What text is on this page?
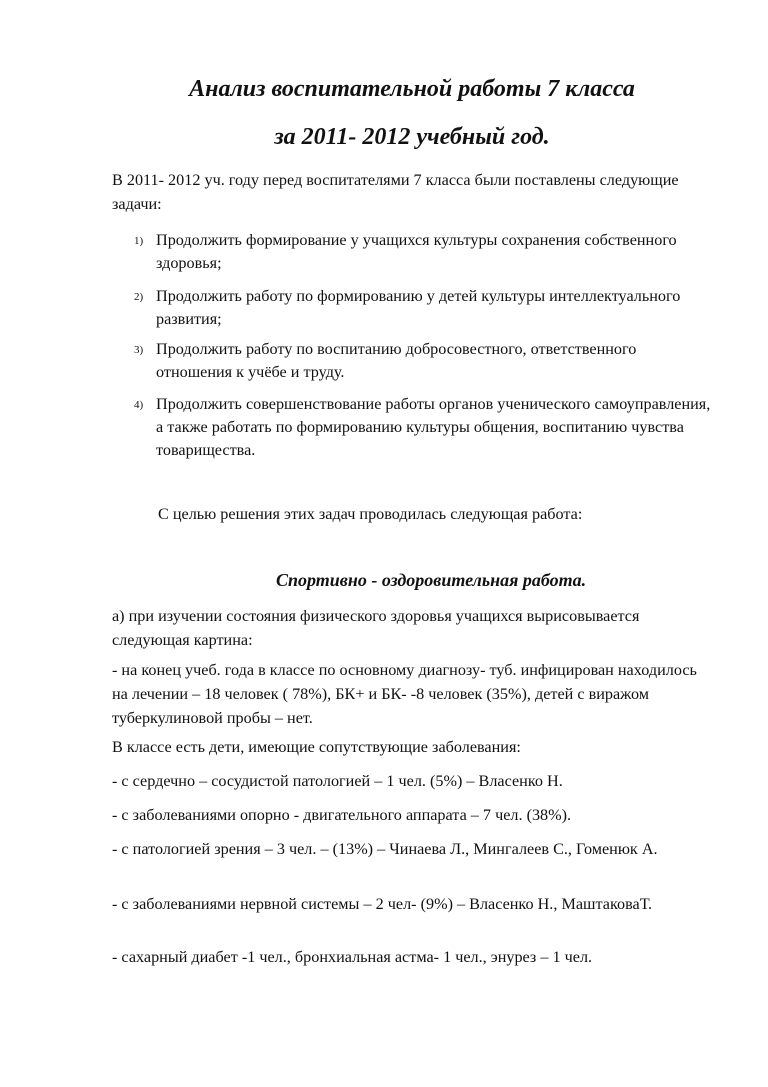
Анализ воспитательной работы 7 класса
за 2011- 2012 учебный год.

В 2011- 2012 уч. году перед воспитателями 7 класса были поставлены следующие задачи:

1) Продолжить формирование у учащихся культуры сохранения собственного здоровья;
2) Продолжить работу по формированию у детей культуры интеллектуального развития;
3) Продолжить работу по воспитанию добросовестного, ответственного отношения к учёбе и труду.
4) Продолжить совершенствование работы органов ученического самоуправления, а также работать по формированию культуры общения, воспитанию чувства товарищества.

С целью решения этих задач проводилась следующая работа:

Спортивно - оздоровительная работа.

а) при изучении состояния физического здоровья учащихся вырисовывается следующая картина:

- на конец учеб. года в классе по основному диагнозу- туб. инфицирован находилось на лечении – 18 человек ( 78%), БК+ и БК- -8 человек (35%), детей с виражом туберкулиновой пробы – нет.

В классе есть дети, имеющие сопутствующие заболевания:

- с сердечно – сосудистой патологией – 1 чел. (5%) – Власенко Н.

- с заболеваниями опорно - двигательного аппарата – 7 чел. (38%).

- с патологией зрения – 3 чел. – (13%) – Чинаева Л., Мингалеев С., Гоменюк А.

- с заболеваниями нервной системы – 2 чел- (9%) – Власенко Н., МаштаковаТ.

- сахарный диабет -1 чел., бронхиальная астма- 1 чел., энурез – 1 чел.
